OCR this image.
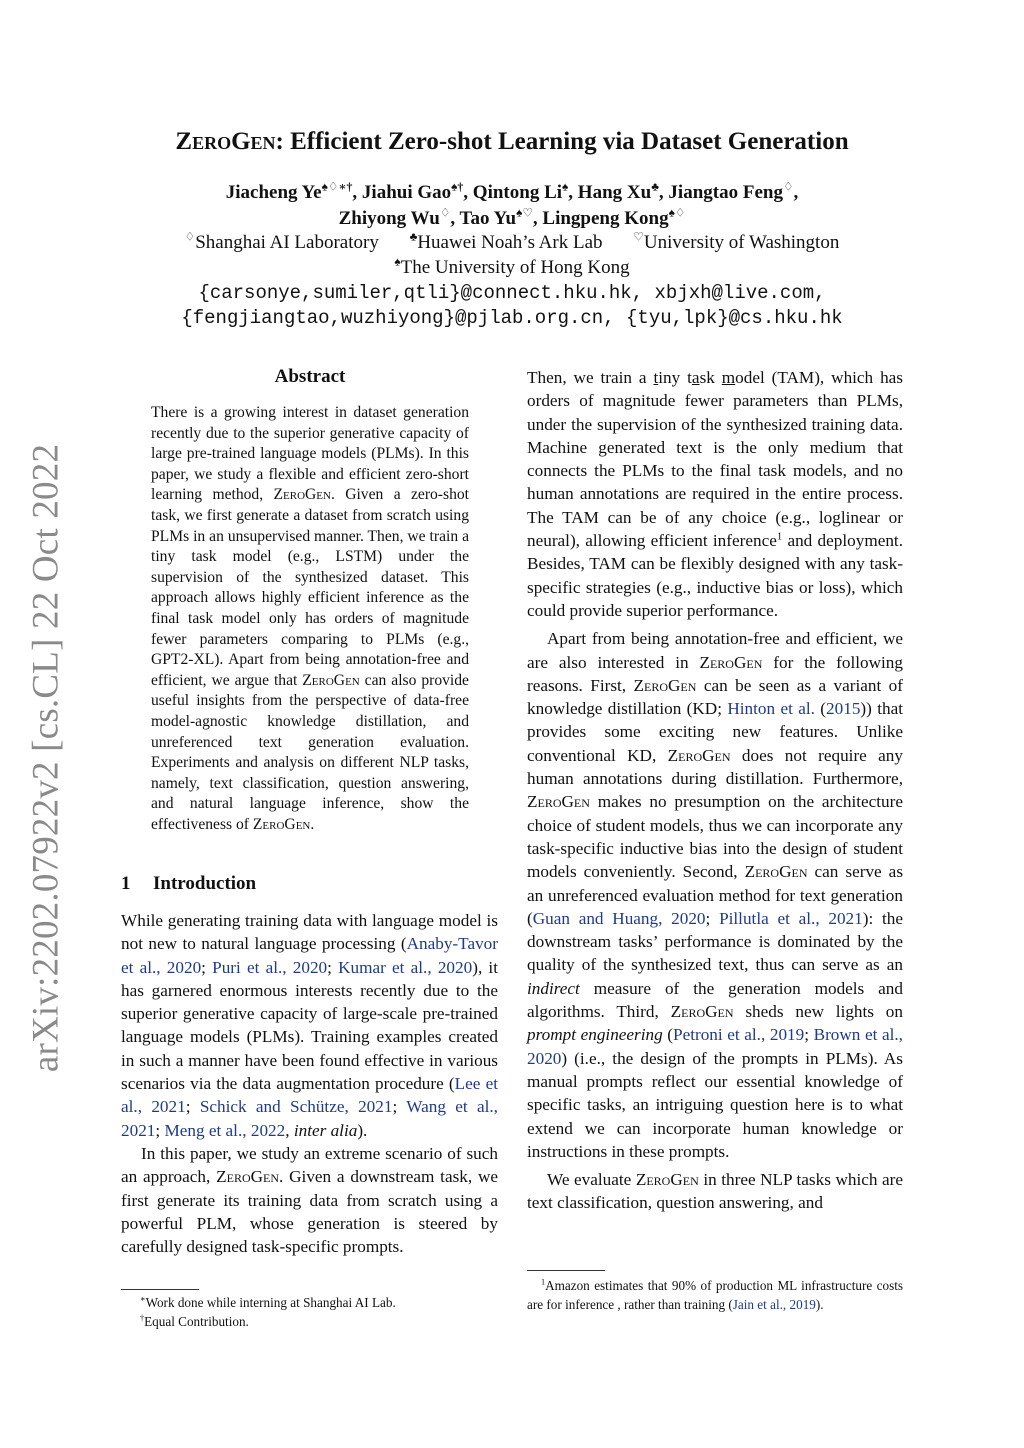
arXiv:2202.07922v2 [cs.CL] 22 Oct 2022
ZeroGen: Efficient Zero-shot Learning via Dataset Generation
Jiacheng Ye♠♢∗†, Jiahui Gao♠†, Qintong Li♠, Hang Xu♣, Jiangtao Feng♢,
Zhiyong Wu♢, Tao Yu♠♡, Lingpeng Kong♠♢
♢Shanghai AI Laboratory	♣Huawei Noah’s Ark Lab	♡University of Washington
♠The University of Hong Kong
{carsonye,sumiler,qtli}@connect.hku.hk, xbjxh@live.com,
{fengjiangtao,wuzhiyong}@pjlab.org.cn, {tyu,lpk}@cs.hku.hk
Abstract
There is a growing interest in dataset generation recently due to the superior generative capacity of large pre-trained language models (PLMs). In this paper, we study a flexible and efficient zero-short learning method, ZeroGen. Given a zero-shot task, we first generate a dataset from scratch using PLMs in an unsupervised manner. Then, we train a tiny task model (e.g., LSTM) under the supervision of the synthesized dataset. This approach allows highly efficient inference as the final task model only has orders of magnitude fewer parameters comparing to PLMs (e.g., GPT2-XL). Apart from being annotation-free and efficient, we argue that ZeroGen can also provide useful insights from the perspective of data-free model-agnostic knowledge distillation, and unreferenced text generation evaluation. Experiments and analysis on different NLP tasks, namely, text classification, question answering, and natural language inference, show the effectiveness of ZeroGen.
1 Introduction

While generating training data with language model is not new to natural language processing (Anaby-Tavor et al., 2020; Puri et al., 2020; Kumar et al., 2020), it has garnered enormous interests recently due to the superior generative capacity of large-scale pre-trained language models (PLMs). Training examples created in such a manner have been found effective in various scenarios via the data augmentation procedure (Lee et al., 2021; Schick and Schütze, 2021; Wang et al., 2021; Meng et al., 2022, inter alia).

In this paper, we study an extreme scenario of such an approach, ZeroGen. Given a downstream task, we first generate its training data from scratch using a powerful PLM, whose generation is steered by carefully designed task-specific prompts.

Then, we train a tiny task model (TAM), which has orders of magnitude fewer parameters than PLMs, under the supervision of the synthesized training data. Machine generated text is the only medium that connects the PLMs to the final task models, and no human annotations are required in the entire process. The TAM can be of any choice (e.g., loglinear or neural), allowing efficient inference$^1$ and deployment. Besides, TAM can be flexibly designed with any task-specific strategies (e.g., inductive bias or loss), which could provide superior performance.

Apart from being annotation-free and efficient, we are also interested in ZeroGen for the following reasons. First, ZeroGen can be seen as a variant of knowledge distillation (KD; Hinton et al. (2015)) that provides some exciting new features. Unlike conventional KD, ZeroGen does not require any human annotations during distillation. Furthermore, ZeroGen makes no presumption on the architecture choice of student models, thus we can incorporate any task-specific inductive bias into the design of student models conveniently. Second, ZeroGen can serve as an unreferenced evaluation method for text generation (Guan and Huang, 2020; Pillutla et al., 2021): the downstream tasks’ performance is dominated by the quality of the synthesized text, thus can serve as an indirect measure of the generation models and algorithms. Third, ZeroGen sheds new lights on prompt engineering (Petroni et al., 2019; Brown et al., 2020) (i.e., the design of the prompts in PLMs). As manual prompts reflect our essential knowledge of specific tasks, an intriguing question here is to what extend we can incorporate human knowledge or instructions in these prompts.

We evaluate ZeroGen in three NLP tasks which are text classification, question answering, and

∗Work done while interning at Shanghai AI Lab.
†Equal Contribution.
$^1$Amazon estimates that 90% of production ML infrastructure costs are for inference , rather than training (Jain et al., 2019).
